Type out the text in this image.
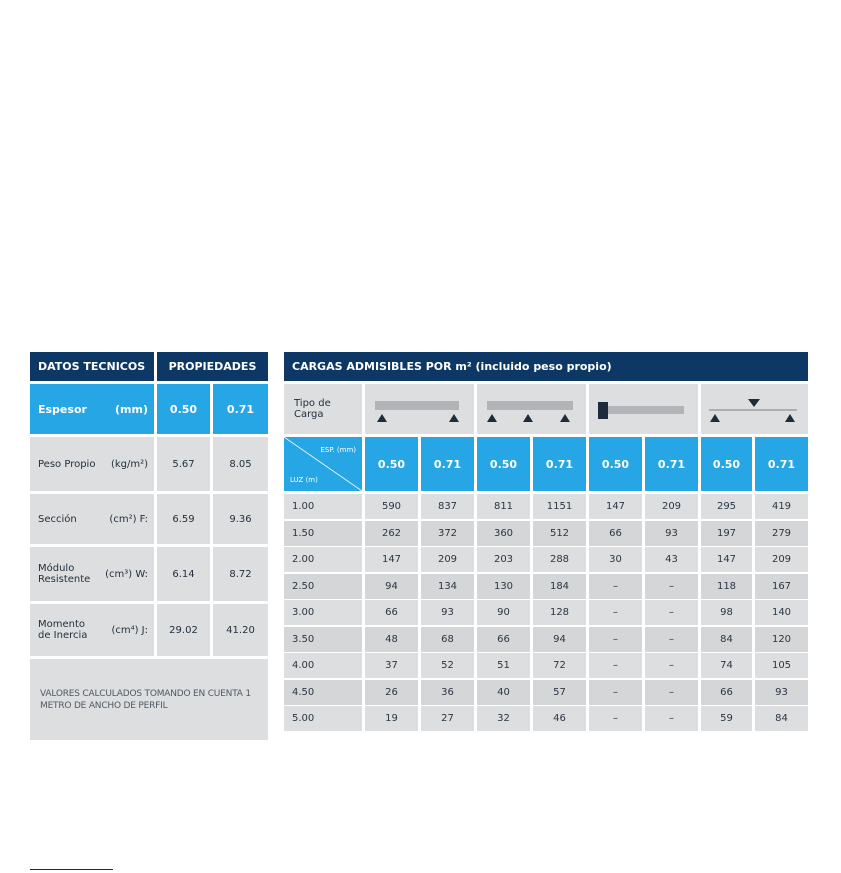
DATOS TECNICOS	PROPIEDADES
Espesor	(mm)	0.50	0.71
Peso Propio	(kg/m²)	5.67	8.05
Sección	(cm²) F:	6.59	9.36
Módulo Resistente	(cm³) W:	6.14	8.72
Momento de Inercia	(cm⁴) J:	29.02	41.20
VALORES CALCULADOS TOMANDO EN CUENTA 1 METRO DE ANCHO DE PERFIL
CARGAS ADMISIBLES POR m² (incluido peso propio)
Tipo de Carga
ESP. (mm)
LUZ (m)
0.50	0.71	0.50	0.71	0.50	0.71	0.50	0.71
1.00	590	837	811	1151	147	209	295	419
1.50	262	372	360	512	66	93	197	279
2.00	147	209	203	288	30	43	147	209
2.50	94	134	130	184	–	–	118	167
3.00	66	93	90	128	–	–	98	140
3.50	48	68	66	94	–	–	84	120
4.00	37	52	51	72	–	–	74	105
4.50	26	36	40	57	–	–	66	93
5.00	19	27	32	46	–	–	59	84
